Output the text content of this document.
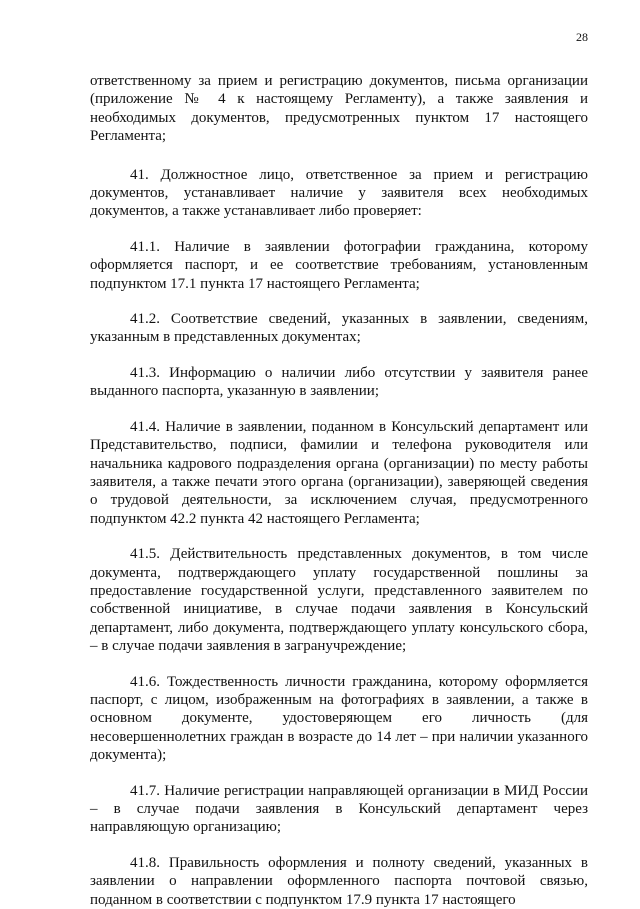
28

ответственному за прием и регистрацию документов, письма организации (приложение № 4 к настоящему Регламенту), а также заявления и необходимых документов, предусмотренных пунктом 17 настоящего Регламента;

41. Должностное лицо, ответственное за прием и регистрацию документов, устанавливает наличие у заявителя всех необходимых документов, а также устанавливает либо проверяет:

41.1. Наличие в заявлении фотографии гражданина, которому оформляется паспорт, и ее соответствие требованиям, установленным подпунктом 17.1 пункта 17 настоящего Регламента;

41.2. Соответствие сведений, указанных в заявлении, сведениям, указанным в представленных документах;

41.3. Информацию о наличии либо отсутствии у заявителя ранее выданного паспорта, указанную в заявлении;

41.4. Наличие в заявлении, поданном в Консульский департамент или Представительство, подписи, фамилии и телефона руководителя или начальника кадрового подразделения органа (организации) по месту работы заявителя, а также печати этого органа (организации), заверяющей сведения о трудовой деятельности, за исключением случая, предусмотренного подпунктом 42.2 пункта 42 настоящего Регламента;

41.5. Действительность представленных документов, в том числе документа, подтверждающего уплату государственной пошлины за предоставление государственной услуги, представленного заявителем по собственной инициативе, в случае подачи заявления в Консульский департамент, либо документа, подтверждающего уплату консульского сбора, – в случае подачи заявления в загранучреждение;

41.6. Тождественность личности гражданина, которому оформляется паспорт, с лицом, изображенным на фотографиях в заявлении, а также в основном документе, удостоверяющем его личность (для несовершеннолетних граждан в возрасте до 14 лет – при наличии указанного документа);

41.7. Наличие регистрации направляющей организации в МИД России – в случае подачи заявления в Консульский департамент через направляющую организацию;

41.8. Правильность оформления и полноту сведений, указанных в заявлении о направлении оформленного паспорта почтовой связью, поданном в соответствии с подпунктом 17.9 пункта 17 настоящего
